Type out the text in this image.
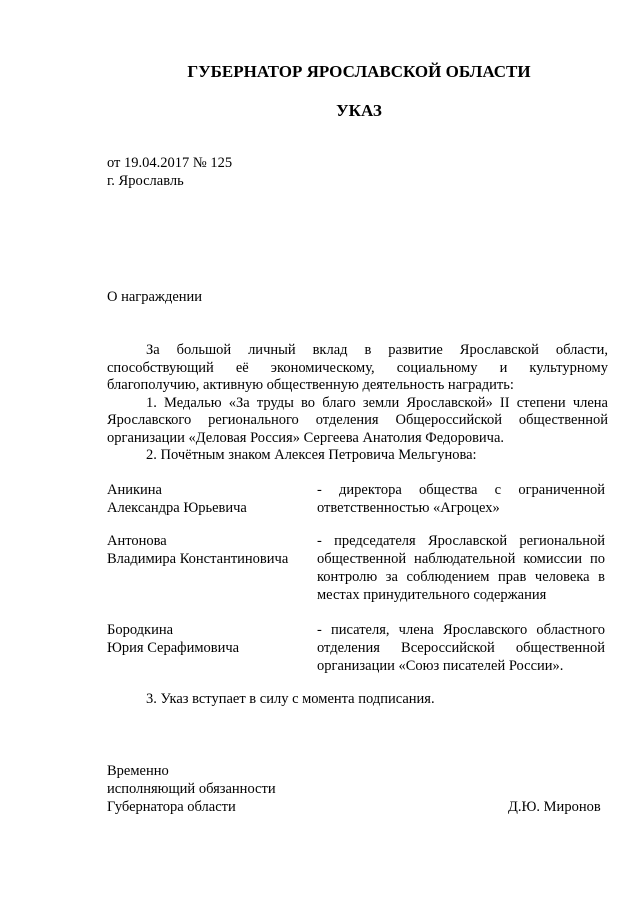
ГУБЕРНАТОР ЯРОСЛАВСКОЙ ОБЛАСТИ
УКАЗ
от 19.04.2017 № 125
г. Ярославль
О награждении

За большой личный вклад в развитие Ярославской области, способствующий её экономическому, социальному и культурному благополучию, активную общественную деятельность наградить:

1. Медалью «За труды во благо земли Ярославской» II степени члена Ярославского регионального отделения Общероссийской общественной организации «Деловая Россия» Сергеева Анатолия Федоровича.

2. Почётным знаком Алексея Петровича Мельгунова:

Аникина
Александра Юрьевича
- директора общества с ограниченной ответственностью «Агроцех»
Антонова
Владимира Константиновича
- председателя Ярославской региональной общественной наблюдательной комиссии по контролю за соблюдением прав человека в местах принудительного содержания
Бородкина
Юрия Серафимовича
- писателя, члена Ярославского областного отделения Всероссийской общественной организации «Союз писателей России».
3. Указ вступает в силу с момента подписания.
Временно
исполняющий обязанности
Губернатора области	Д.Ю. Миронов
